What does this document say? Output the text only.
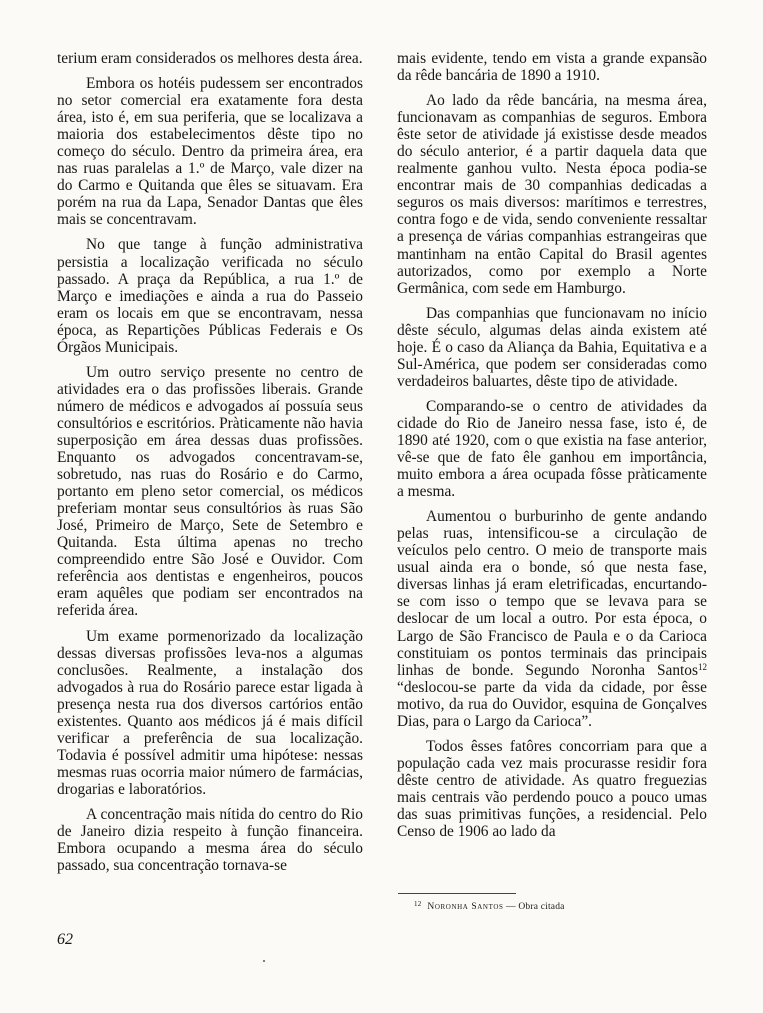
terium eram considerados os melhores desta área.

Embora os hotéis pudessem ser encontrados no setor comercial era exatamente fora desta área, isto é, em sua periferia, que se localizava a maioria dos estabelecimentos dêste tipo no começo do século. Dentro da primeira área, era nas ruas paralelas a 1.º de Março, vale dizer na do Carmo e Quitanda que êles se situavam. Era porém na rua da Lapa, Senador Dantas que êles mais se concentravam.

No que tange à função administrativa persistia a localização verificada no século passado. A praça da República, a rua 1.º de Março e imediações e ainda a rua do Passeio eram os locais em que se encontravam, nessa época, as Repartições Públicas Federais e Os Órgãos Municipais.

Um outro serviço presente no centro de atividades era o das profissões liberais. Grande número de médicos e advogados aí possuía seus consultórios e escritórios. Pràticamente não havia superposição em área dessas duas profissões. Enquanto os advogados concentravam-se, sobretudo, nas ruas do Rosário e do Carmo, portanto em pleno setor comercial, os médicos preferiam montar seus consultórios às ruas São José, Primeiro de Março, Sete de Setembro e Quitanda. Esta última apenas no trecho compreendido entre São José e Ouvidor. Com referência aos dentistas e engenheiros, poucos eram aquêles que podiam ser encontrados na referida área.

Um exame pormenorizado da localização dessas diversas profissões leva-nos a algumas conclusões. Realmente, a instalação dos advogados à rua do Rosário parece estar ligada à presença nesta rua dos diversos cartórios então existentes. Quanto aos médicos já é mais difícil verificar a preferência de sua localização. Todavia é possível admitir uma hipótese: nessas mesmas ruas ocorria maior número de farmácias, drogarias e laboratórios.

A concentração mais nítida do centro do Rio de Janeiro dizia respeito à função financeira. Embora ocupando a mesma área do século passado, sua concentração tornava-se

mais evidente, tendo em vista a grande expansão da rêde bancária de 1890 a 1910.

Ao lado da rêde bancária, na mesma área, funcionavam as companhias de seguros. Embora êste setor de atividade já existisse desde meados do século anterior, é a partir daquela data que realmente ganhou vulto. Nesta época podia-se encontrar mais de 30 companhias dedicadas a seguros os mais diversos: marítimos e terrestres, contra fogo e de vida, sendo conveniente ressaltar a presença de várias companhias estrangeiras que mantinham na então Capital do Brasil agentes autorizados, como por exemplo a Norte Germânica, com sede em Hamburgo.

Das companhias que funcionavam no início dêste século, algumas delas ainda existem até hoje. É o caso da Aliança da Bahia, Equitativa e a Sul-América, que podem ser consideradas como verdadeiros baluartes, dêste tipo de atividade.

Comparando-se o centro de atividades da cidade do Rio de Janeiro nessa fase, isto é, de 1890 até 1920, com o que existia na fase anterior, vê-se que de fato êle ganhou em importância, muito embora a área ocupada fôsse pràticamente a mesma.

Aumentou o burburinho de gente andando pelas ruas, intensificou-se a circulação de veículos pelo centro. O meio de transporte mais usual ainda era o bonde, só que nesta fase, diversas linhas já eram eletrificadas, encurtando-se com isso o tempo que se levava para se deslocar de um local a outro. Por esta época, o Largo de São Francisco de Paula e o da Carioca constituiam os pontos terminais das principais linhas de bonde. Segundo Noronha Santos$^{12}$ “deslocou-se parte da vida da cidade, por êsse motivo, da rua do Ouvidor, esquina de Gonçalves Dias, para o Largo da Carioca”.

Todos êsses fatôres concorriam para que a população cada vez mais procurasse residir fora dêste centro de atividade. As quatro freguezias mais centrais vão perdendo pouco a pouco umas das suas primitivas funções, a residencial. Pelo Censo de 1906 ao lado da

$^{12}$ Noronha Santos — Obra citada
62
